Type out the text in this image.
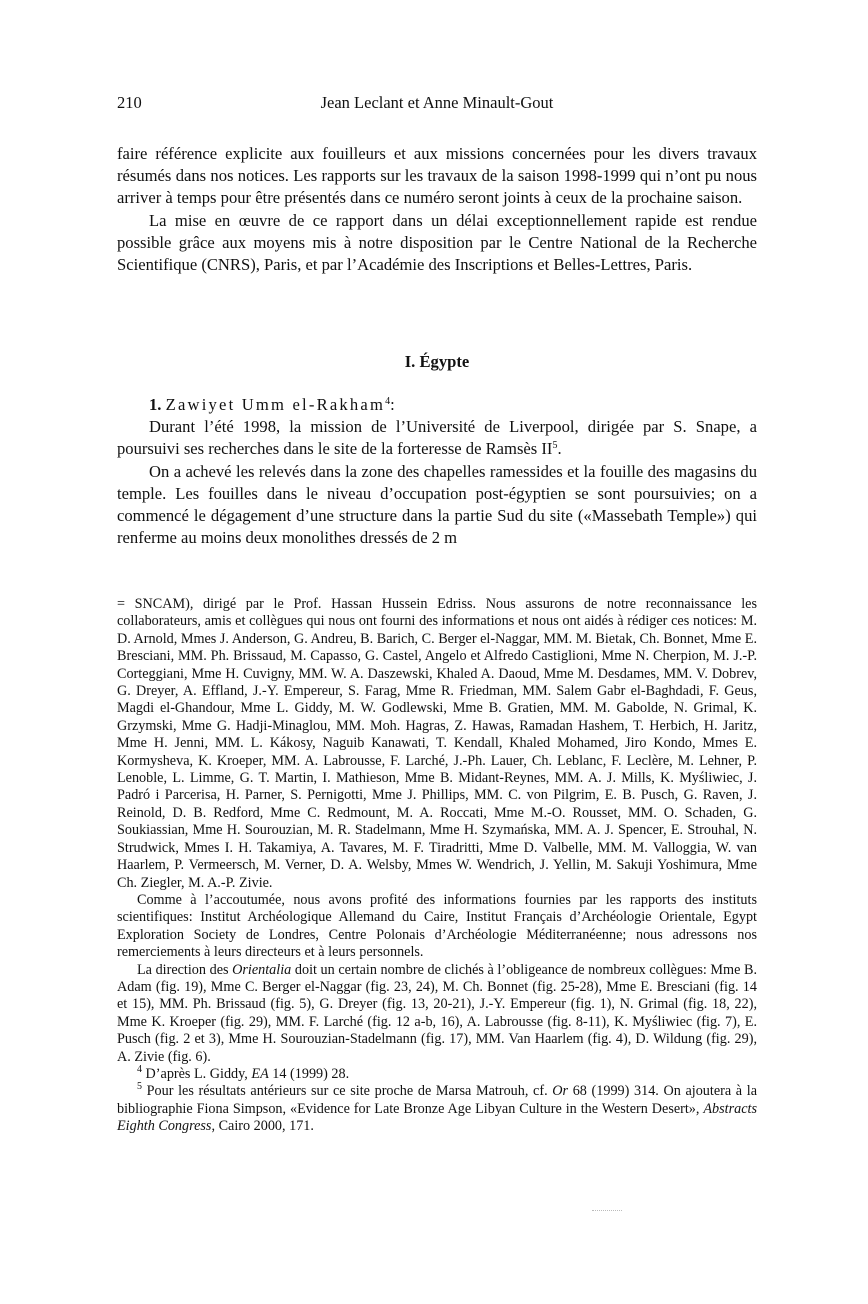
210	Jean Leclant et Anne Minault-Gout

faire référence explicite aux fouilleurs et aux missions concernées pour les divers travaux résumés dans nos notices. Les rapports sur les travaux de la saison 1998-1999 qui n’ont pu nous arriver à temps pour être présentés dans ce numéro seront joints à ceux de la prochaine saison.

La mise en œuvre de ce rapport dans un délai exceptionnellement rapide est rendue possible grâce aux moyens mis à notre disposition par le Centre National de la Recherche Scientifique (CNRS), Paris, et par l’Académie des Inscriptions et Belles-Lettres, Paris.

I. Égypte

1. Zawiyet Umm el-Rakham$^4$:

Durant l’été 1998, la mission de l’Université de Liverpool, dirigée par S. Snape, a poursuivi ses recherches dans le site de la forteresse de Ramsès $II^5$.

On a achevé les relevés dans la zone des chapelles ramessides et la fouille des magasins du temple. Les fouilles dans le niveau d’occupation post-égyptien se sont poursuivies; on a commencé le dégagement d’une structure dans la partie Sud du site («Massebath Temple») qui renferme au moins deux monolithes dressés de 2 m

= SNCAM), dirigé par le Prof. Hassan Hussein Edriss. Nous assurons de notre reconnaissance les collaborateurs, amis et collègues qui nous ont fourni des informations et nous ont aidés à rédiger ces notices: M. D. Arnold, Mmes J. Anderson, G. Andreu, B. Barich, C. Berger el-Naggar, MM. M. Bietak, Ch. Bonnet, Mme E. Bresciani, MM. Ph. Brissaud, M. Capasso, G. Castel, Angelo et Alfredo Castiglioni, Mme N. Cherpion, M. J.-P. Corteggiani, Mme H. Cuvigny, MM. W. A. Daszewski, Khaled A. Daoud, Mme M. Desdames, MM. V. Dobrev, G. Dreyer, A. Effland, J.-Y. Empereur, S. Farag, Mme R. Friedman, MM. Salem Gabr el-Baghdadi, F. Geus, Magdi el-Ghandour, Mme L. Giddy, M. W. Godlewski, Mme B. Gratien, MM. M. Gabolde, N. Grimal, K. Grzymski, Mme G. Hadji-Minaglou, MM. Moh. Hagras, Z. Hawas, Ramadan Hashem, T. Herbich, H. Jaritz, Mme H. Jenni, MM. L. Kákosy, Naguib Kanawati, T. Kendall, Khaled Mohamed, Jiro Kondo, Mmes E. Kormysheva, K. Kroeper, MM. A. Labrousse, F. Larché, J.-Ph. Lauer, Ch. Leblanc, F. Leclère, M. Lehner, P. Lenoble, L. Limme, G. T. Martin, I. Mathieson, Mme B. Midant-Reynes, MM. A. J. Mills, K. Myśliwiec, J. Padró i Parcerisa, H. Parner, S. Pernigotti, Mme J. Phillips, MM. C. von Pilgrim, E. B. Pusch, G. Raven, J. Reinold, D. B. Redford, Mme C. Redmount, M. A. Roccati, Mme M.-O. Rousset, MM. O. Schaden, G. Soukiassian, Mme H. Sourouzian, M. R. Stadelmann, Mme H. Szymańska, MM. A. J. Spencer, E. Strouhal, N. Strudwick, Mmes I. H. Takamiya, A. Tavares, M. F. Tiradritti, Mme D. Valbelle, MM. M. Valloggia, W. van Haarlem, P. Vermeersch, M. Verner, D. A. Welsby, Mmes W. Wendrich, J. Yellin, M. Sakuji Yoshimura, Mme Ch. Ziegler, M. A.-P. Zivie.

Comme à l’accoutumée, nous avons profité des informations fournies par les rapports des instituts scientifiques: Institut Archéologique Allemand du Caire, Institut Français d’Archéologie Orientale, Egypt Exploration Society de Londres, Centre Polonais d’Archéologie Méditerranéenne; nous adressons nos remerciements à leurs directeurs et à leurs personnels.

La direction des Orientalia doit un certain nombre de clichés à l’obligeance de nombreux collègues: Mme B. Adam (fig. 19), Mme C. Berger el-Naggar (fig. 23, 24), M. Ch. Bonnet (fig. 25-28), Mme E. Bresciani (fig. 14 et 15), MM. Ph. Brissaud (fig. 5), G. Dreyer (fig. 13, 20-21), J.-Y. Empereur (fig. 1), N. Grimal (fig. 18, 22), Mme K. Kroeper (fig. 29), MM. F. Larché (fig. 12 a-b, 16), A. Labrousse (fig. 8-11), K. Myśliwiec (fig. 7), E. Pusch (fig. 2 et 3), Mme H. Sourouzian-Stadelmann (fig. 17), MM. Van Haarlem (fig. 4), D. Wildung (fig. 29), A. Zivie (fig. 6).

$^4$ D’après L. Giddy, EA 14 (1999) 28.

$^5$ Pour les résultats antérieurs sur ce site proche de Marsa Matrouh, cf. Or 68 (1999) 314. On ajoutera à la bibliographie Fiona Simpson, «Evidence for Late Bronze Age Libyan Culture in the Western Desert», Abstracts Eighth Congress, Cairo 2000, 171.
